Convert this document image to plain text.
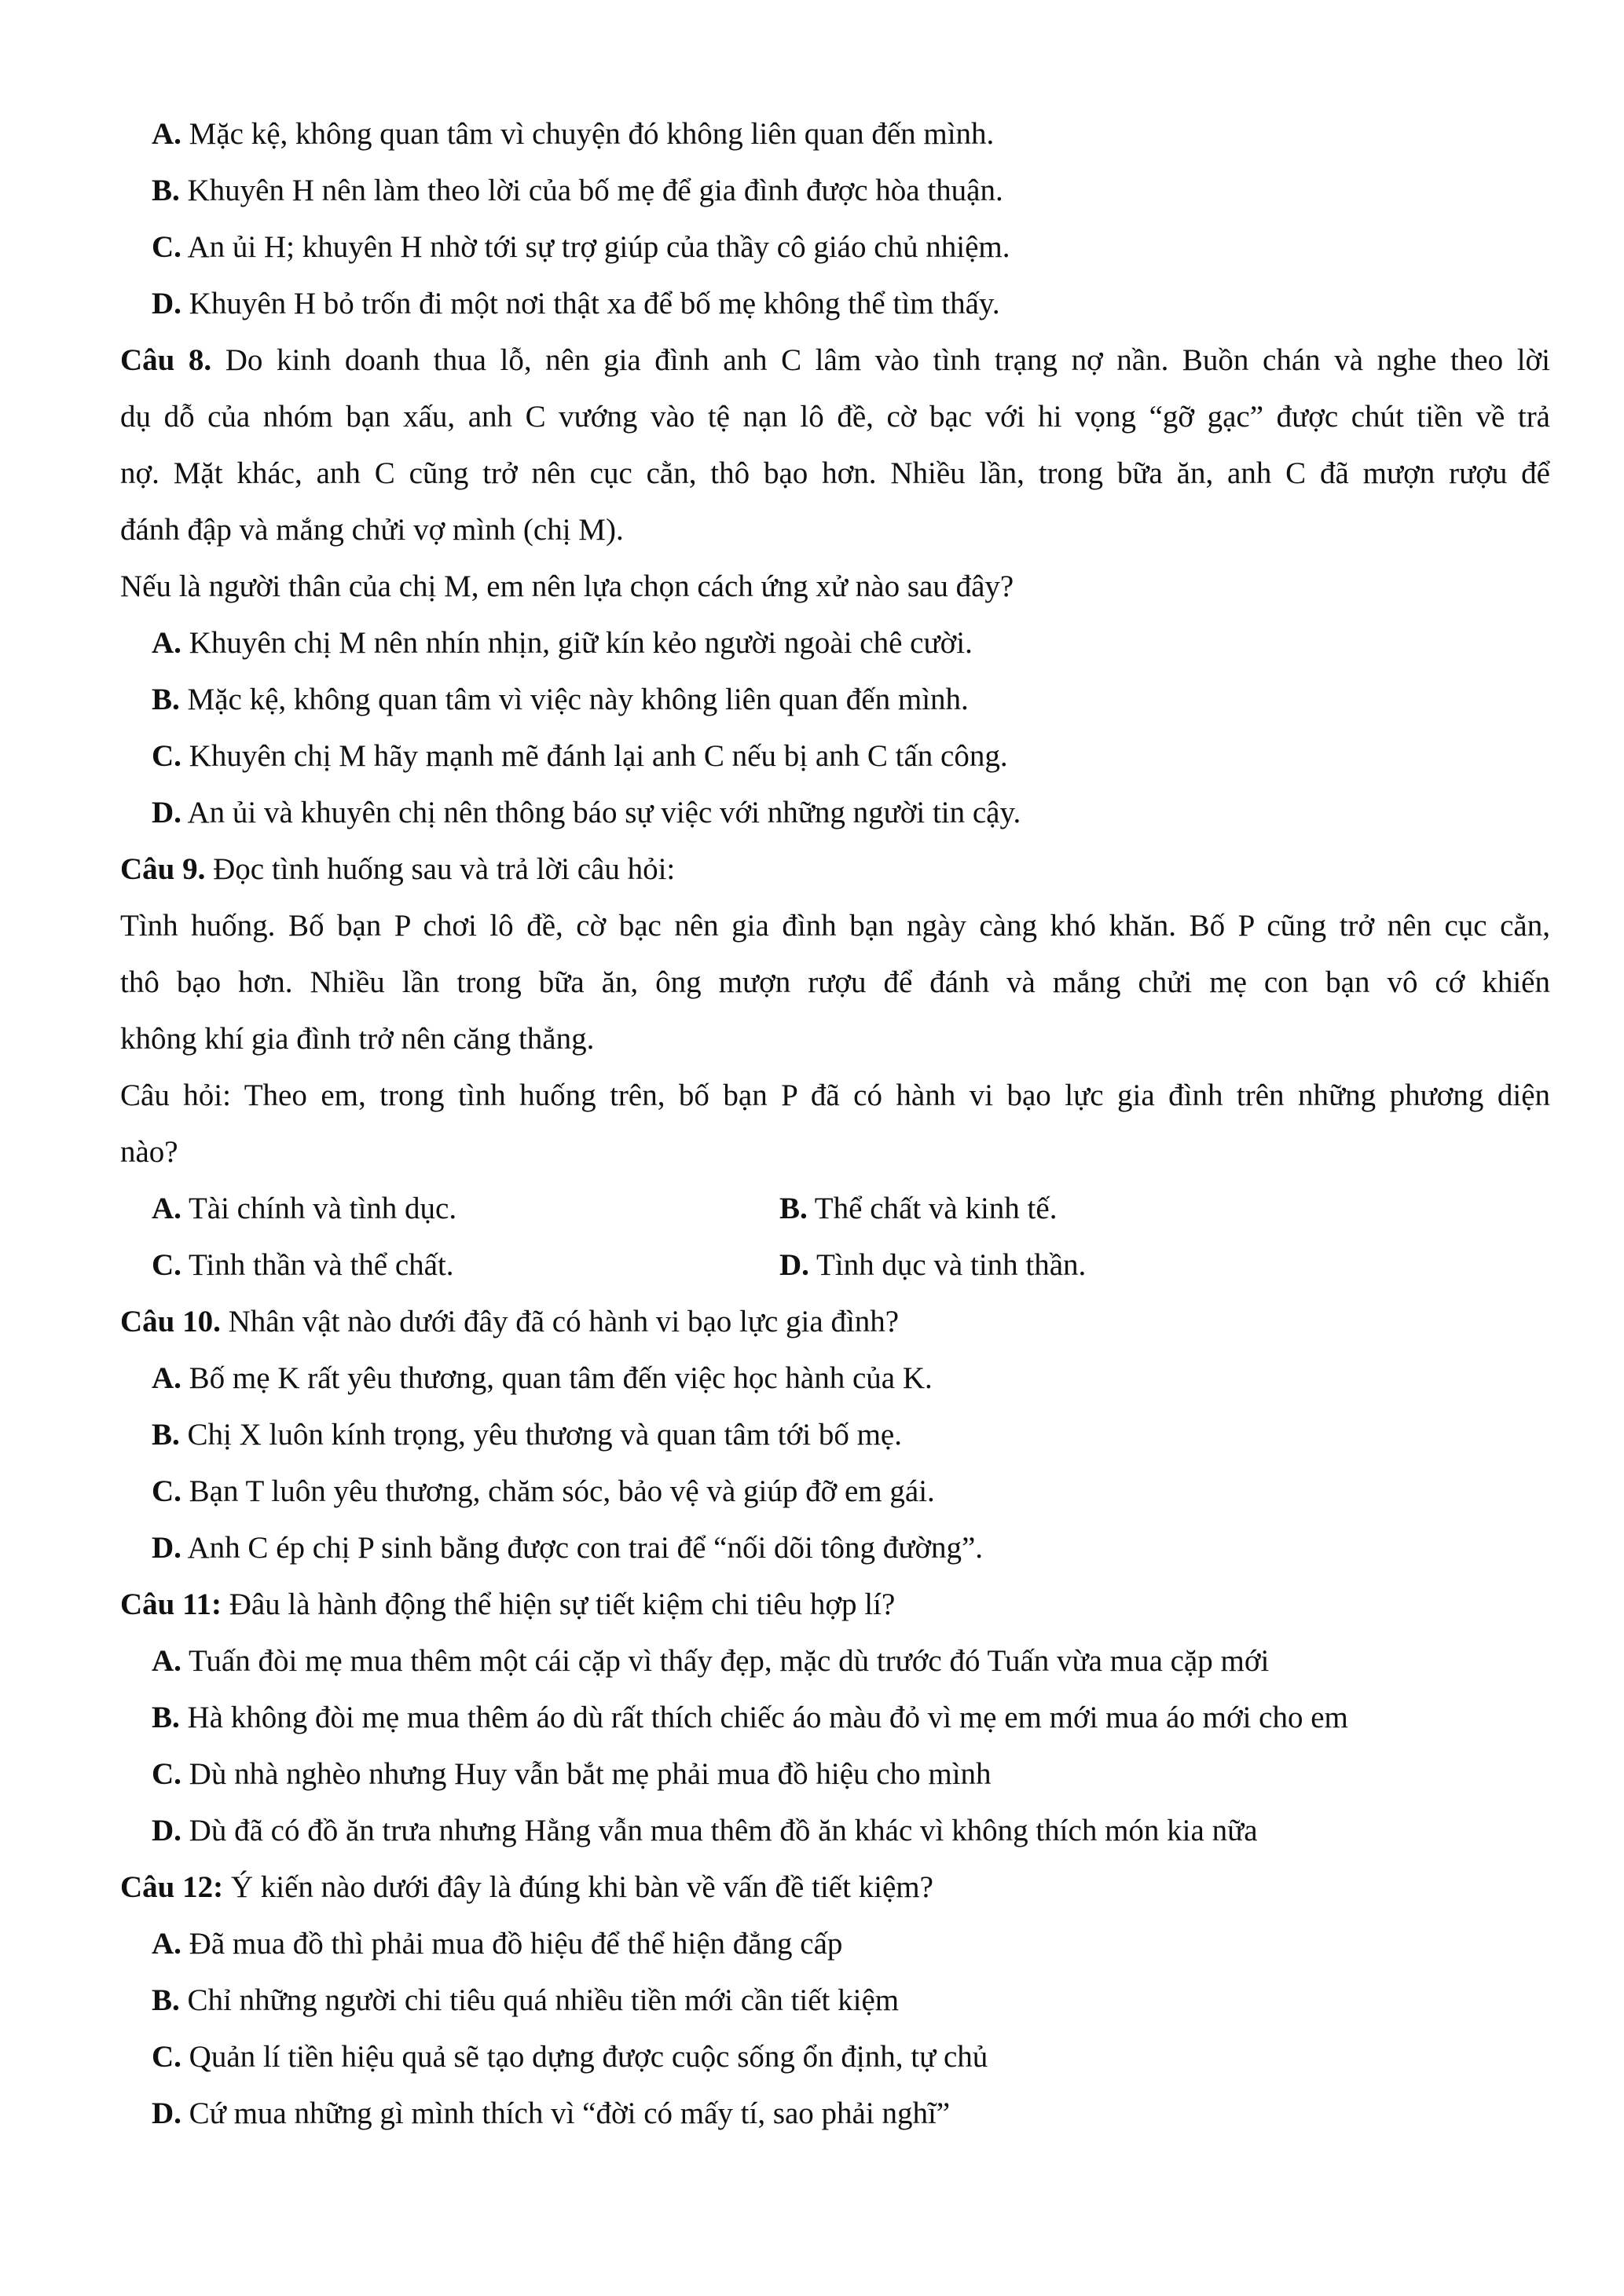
A. Mặc kệ, không quan tâm vì chuyện đó không liên quan đến mình.
B. Khuyên H nên làm theo lời của bố mẹ để gia đình được hòa thuận.
C. An ủi H; khuyên H nhờ tới sự trợ giúp của thầy cô giáo chủ nhiệm.
D. Khuyên H bỏ trốn đi một nơi thật xa để bố mẹ không thể tìm thấy.
Câu 8. Do kinh doanh thua lỗ, nên gia đình anh C lâm vào tình trạng nợ nần. Buồn chán và nghe theo lời
dụ dỗ của nhóm bạn xấu, anh C vướng vào tệ nạn lô đề, cờ bạc với hi vọng “gỡ gạc” được chút tiền về trả
nợ. Mặt khác, anh C cũng trở nên cục cằn, thô bạo hơn. Nhiều lần, trong bữa ăn, anh C đã mượn rượu để
đánh đập và mắng chửi vợ mình (chị M).
Nếu là người thân của chị M, em nên lựa chọn cách ứng xử nào sau đây?
A. Khuyên chị M nên nhín nhịn, giữ kín kẻo người ngoài chê cười.
B. Mặc kệ, không quan tâm vì việc này không liên quan đến mình.
C. Khuyên chị M hãy mạnh mẽ đánh lại anh C nếu bị anh C tấn công.
D. An ủi và khuyên chị nên thông báo sự việc với những người tin cậy.
Câu 9. Đọc tình huống sau và trả lời câu hỏi:
Tình huống. Bố bạn P chơi lô đề, cờ bạc nên gia đình bạn ngày càng khó khăn. Bố P cũng trở nên cục cằn,
thô bạo hơn. Nhiều lần trong bữa ăn, ông mượn rượu để đánh và mắng chửi mẹ con bạn vô cớ khiến
không khí gia đình trở nên căng thẳng.
Câu hỏi: Theo em, trong tình huống trên, bố bạn P đã có hành vi bạo lực gia đình trên những phương diện
nào?
A. Tài chính và tình dục.	B. Thể chất và kinh tế.
C. Tinh thần và thể chất.	D. Tình dục và tinh thần.
Câu 10. Nhân vật nào dưới đây đã có hành vi bạo lực gia đình?
A. Bố mẹ K rất yêu thương, quan tâm đến việc học hành của K.
B. Chị X luôn kính trọng, yêu thương và quan tâm tới bố mẹ.
C. Bạn T luôn yêu thương, chăm sóc, bảo vệ và giúp đỡ em gái.
D. Anh C ép chị P sinh bằng được con trai để “nối dõi tông đường”.
Câu 11: Đâu là hành động thể hiện sự tiết kiệm chi tiêu hợp lí?
A. Tuấn đòi mẹ mua thêm một cái cặp vì thấy đẹp, mặc dù trước đó Tuấn vừa mua cặp mới
B. Hà không đòi mẹ mua thêm áo dù rất thích chiếc áo màu đỏ vì mẹ em mới mua áo mới cho em
C. Dù nhà nghèo nhưng Huy vẫn bắt mẹ phải mua đồ hiệu cho mình
D. Dù đã có đồ ăn trưa nhưng Hằng vẫn mua thêm đồ ăn khác vì không thích món kia nữa
Câu 12: Ý kiến nào dưới đây là đúng khi bàn về vấn đề tiết kiệm?
A. Đã mua đồ thì phải mua đồ hiệu để thể hiện đẳng cấp
B. Chỉ những người chi tiêu quá nhiều tiền mới cần tiết kiệm
C. Quản lí tiền hiệu quả sẽ tạo dựng được cuộc sống ổn định, tự chủ
D. Cứ mua những gì mình thích vì “đời có mấy tí, sao phải nghĩ”
